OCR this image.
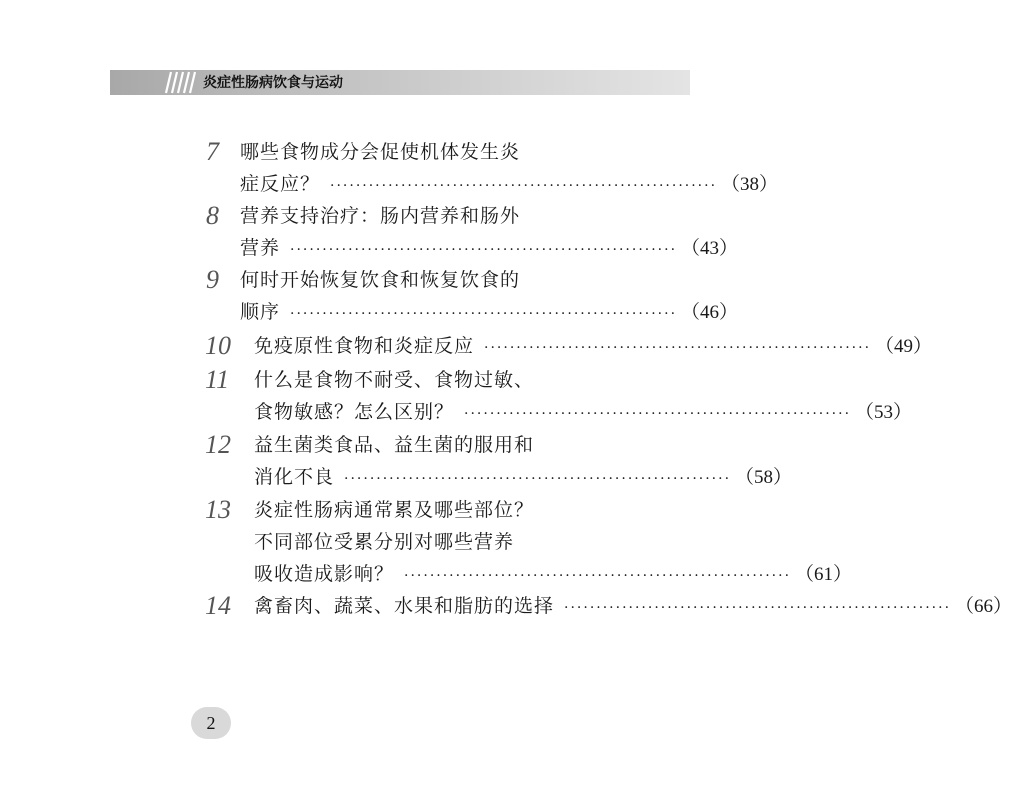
炎症性肠病饮食与运动
7 哪些食物成分会促使机体发生炎
症反应？ ···························································· （38）
8 营养支持治疗：肠内营养和肠外
营养 ···························································· （43）
9 何时开始恢复饮食和恢复饮食的
顺序 ···························································· （46）
10 免疫原性食物和炎症反应 ···························································· （49）
11 什么是食物不耐受、食物过敏、
食物敏感？怎么区别？ ···························································· （53）
12 益生菌类食品、益生菌的服用和
消化不良 ···························································· （58）
13 炎症性肠病通常累及哪些部位？
不同部位受累分别对哪些营养
吸收造成影响？ ···························································· （61）
14 禽畜肉、蔬菜、水果和脂肪的选择 ···························································· （66）
2
